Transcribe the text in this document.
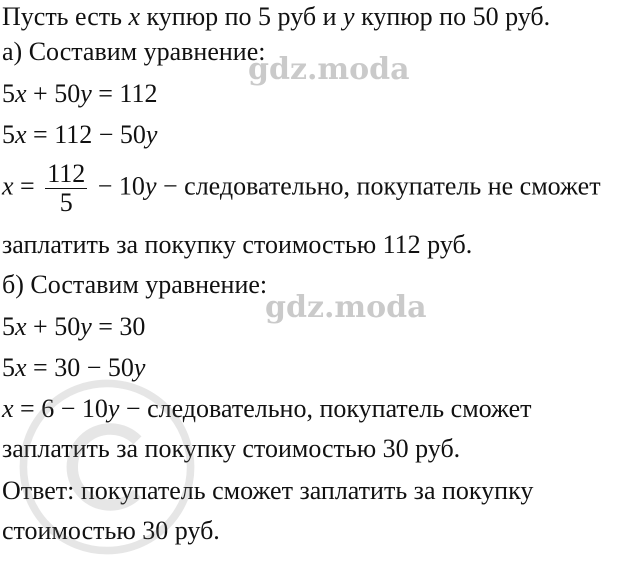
Пусть есть x купюр по 5 руб и y купюр по 50 руб.
а) Составим уравнение:
5x + 50y = 112
5x = 112 − 50y
$x = \frac{112}{5} - 10y$ − следовательно, покупатель не сможет
заплатить за покупку стоимостью 112 руб.
б) Составим уравнение:
5x + 50y = 30
5x = 30 − 50y
x = 6 − 10y − следовательно, покупатель сможет
заплатить за покупку стоимостью 30 руб.
Ответ: покупатель сможет заплатить за покупку
стоимостью 30 руб.
gdz.moda
gdz.moda
